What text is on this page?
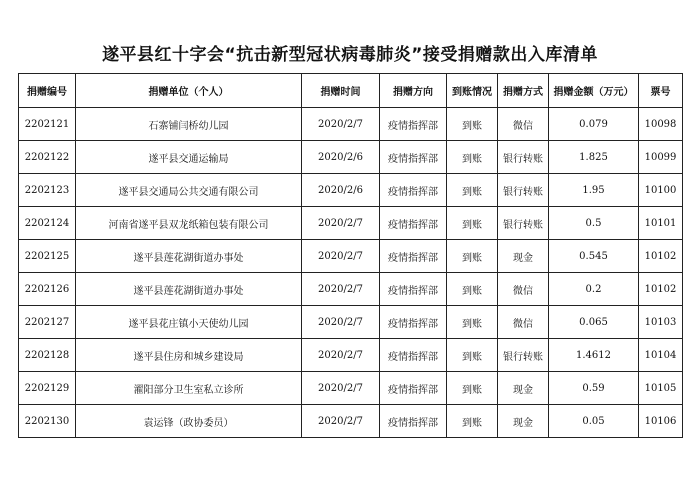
遂平县红十字会“抗击新型冠状病毒肺炎”接受捐赠款出入库清单
捐赠编号	捐赠单位（个人）	捐赠时间	捐赠方向	到账情况	捐赠方式	捐赠金额（万元）	票号
2202121	石寨铺闫桥幼儿园	2020/2/7	疫情指挥部	到账	微信	0.079	10098
2202122	遂平县交通运输局	2020/2/6	疫情指挥部	到账	银行转账	1.825	10099
2202123	遂平县交通局公共交通有限公司	2020/2/6	疫情指挥部	到账	银行转账	1.95	10100
2202124	河南省遂平县双龙纸箱包装有限公司	2020/2/7	疫情指挥部	到账	银行转账	0.5	10101
2202125	遂平县莲花湖街道办事处	2020/2/7	疫情指挥部	到账	现金	0.545	10102
2202126	遂平县莲花湖街道办事处	2020/2/7	疫情指挥部	到账	微信	0.2	10102
2202127	遂平县花庄镇小天使幼儿园	2020/2/7	疫情指挥部	到账	微信	0.065	10103
2202128	遂平县住房和城乡建设局	2020/2/7	疫情指挥部	到账	银行转账	1.4612	10104
2202129	濯阳部分卫生室私立诊所	2020/2/7	疫情指挥部	到账	现金	0.59	10105
2202130	袁运锋（政协委员）	2020/2/7	疫情指挥部	到账	现金	0.05	10106
